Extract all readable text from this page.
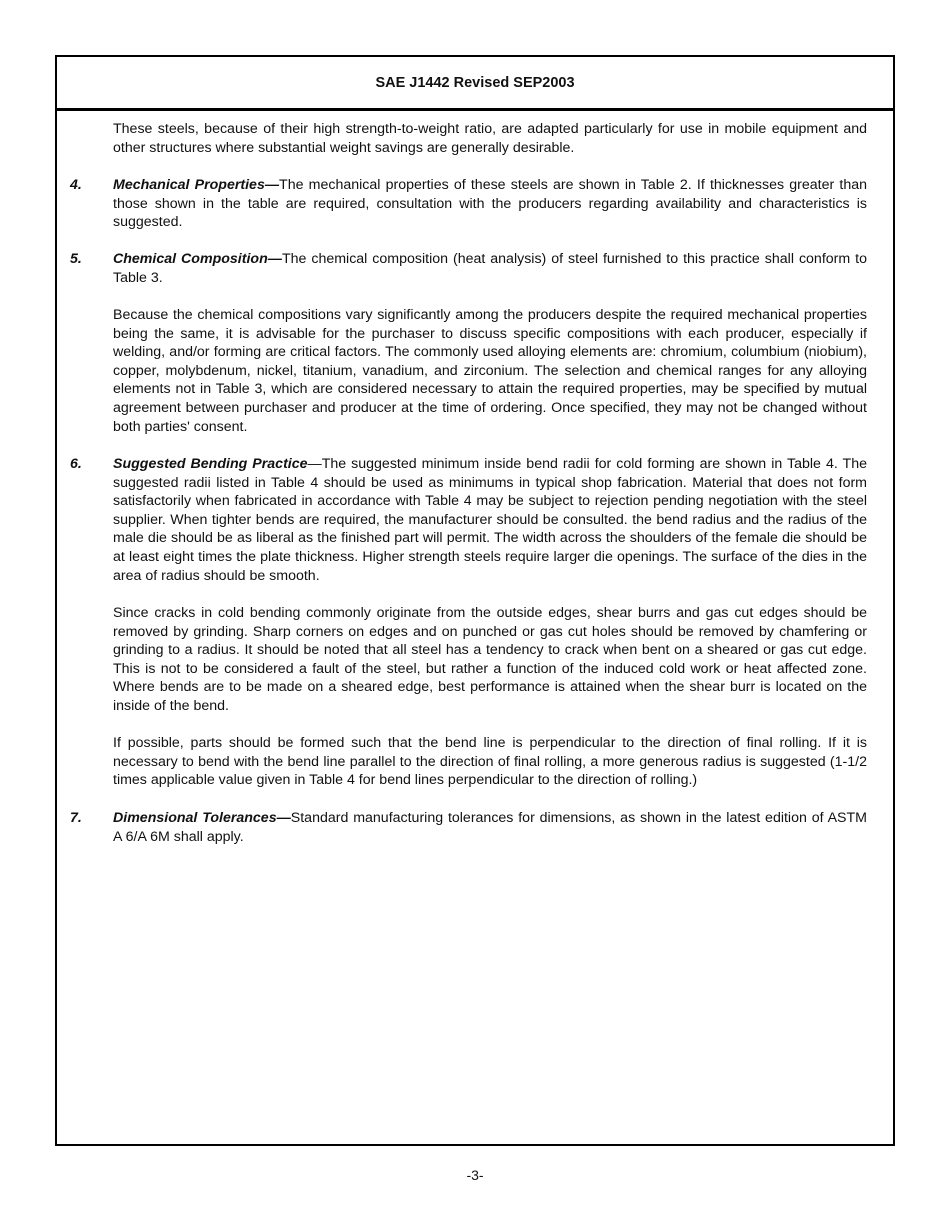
SAE J1442 Revised SEP2003

These steels, because of their high strength-to-weight ratio, are adapted particularly for use in mobile equipment and other structures where substantial weight savings are generally desirable.

4. Mechanical Properties—The mechanical properties of these steels are shown in Table 2. If thicknesses greater than those shown in the table are required, consultation with the producers regarding availability and characteristics is suggested.

5. Chemical Composition—The chemical composition (heat analysis) of steel furnished to this practice shall conform to Table 3.

Because the chemical compositions vary significantly among the producers despite the required mechanical properties being the same, it is advisable for the purchaser to discuss specific compositions with each producer, especially if welding, and/or forming are critical factors. The commonly used alloying elements are: chromium, columbium (niobium), copper, molybdenum, nickel, titanium, vanadium, and zirconium. The selection and chemical ranges for any alloying elements not in Table 3, which are considered necessary to attain the required properties, may be specified by mutual agreement between purchaser and producer at the time of ordering. Once specified, they may not be changed without both parties' consent.

6. Suggested Bending Practice—The suggested minimum inside bend radii for cold forming are shown in Table 4. The suggested radii listed in Table 4 should be used as minimums in typical shop fabrication. Material that does not form satisfactorily when fabricated in accordance with Table 4 may be subject to rejection pending negotiation with the steel supplier. When tighter bends are required, the manufacturer should be consulted. the bend radius and the radius of the male die should be as liberal as the finished part will permit. The width across the shoulders of the female die should be at least eight times the plate thickness. Higher strength steels require larger die openings. The surface of the dies in the area of radius should be smooth.

Since cracks in cold bending commonly originate from the outside edges, shear burrs and gas cut edges should be removed by grinding. Sharp corners on edges and on punched or gas cut holes should be removed by chamfering or grinding to a radius. It should be noted that all steel has a tendency to crack when bent on a sheared or gas cut edge. This is not to be considered a fault of the steel, but rather a function of the induced cold work or heat affected zone. Where bends are to be made on a sheared edge, best performance is attained when the shear burr is located on the inside of the bend.

If possible, parts should be formed such that the bend line is perpendicular to the direction of final rolling. If it is necessary to bend with the bend line parallel to the direction of final rolling, a more generous radius is suggested (1-1/2 times applicable value given in Table 4 for bend lines perpendicular to the direction of rolling.)

7. Dimensional Tolerances—Standard manufacturing tolerances for dimensions, as shown in the latest edition of ASTM A 6/A 6M shall apply.

-3-
